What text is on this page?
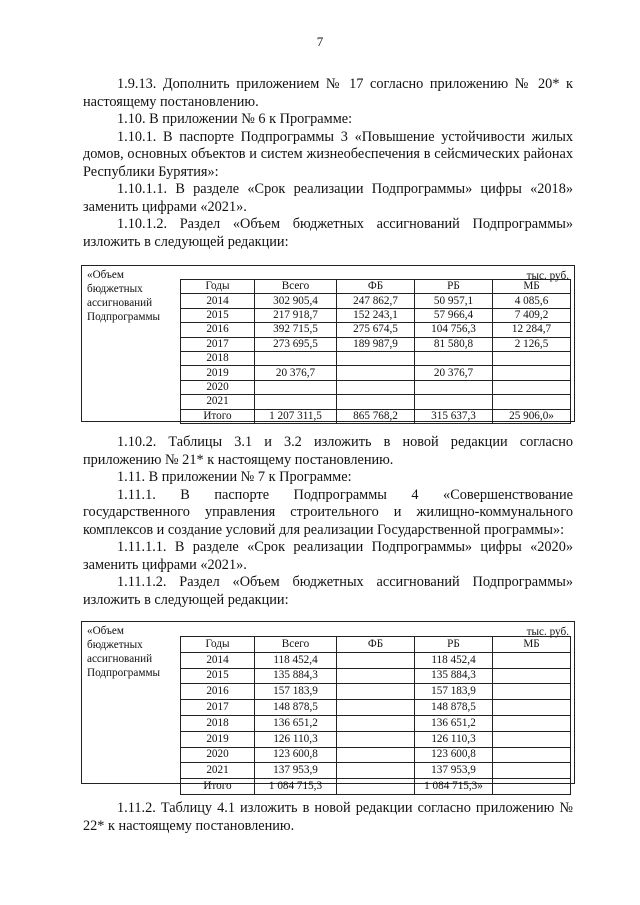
7

1.9.13. Дополнить приложением № 17 согласно приложению № 20* к настоящему постановлению.

1.10. В приложении № 6 к Программе:

1.10.1. В паспорте Подпрограммы 3 «Повышение устойчивости жилых домов, основных объектов и систем жизнеобеспечения в сейсмических районах Республики Бурятия»:

1.10.1.1. В разделе «Срок реализации Подпрограммы» цифры «2018» заменить цифрами «2021».

1.10.1.2. Раздел «Объем бюджетных ассигнований Подпрограммы» изложить в следующей редакции:

«Объем бюджетных ассигнований Подпрограммы
тыс. руб.
Годы	Всего	ФБ	РБ	МБ
2014	302 905,4	247 862,7	50 957,1	4 085,6
2015	217 918,7	152 243,1	57 966,4	7 409,2
2016	392 715,5	275 674,5	104 756,3	12 284,7
2017	273 695,5	189 987,9	81 580,8	2 126,5
2018				
2019	20 376,7		20 376,7	
2020				
2021				
Итого	1 207 311,5	865 768,2	315 637,3	25 906,0»

1.10.2. Таблицы 3.1 и 3.2 изложить в новой редакции согласно приложению № 21* к настоящему постановлению.

1.11. В приложении № 7 к Программе:

1.11.1. В паспорте Подпрограммы 4 «Совершенствование государственного управления строительного и жилищно-коммунального комплексов и создание условий для реализации Государственной программы»:

1.11.1.1. В разделе «Срок реализации Подпрограммы» цифры «2020» заменить цифрами «2021».

1.11.1.2. Раздел «Объем бюджетных ассигнований Подпрограммы» изложить в следующей редакции:

«Объем бюджетных ассигнований Подпрограммы
тыс. руб.
Годы	Всего	ФБ	РБ	МБ
2014	118 452,4		118 452,4	
2015	135 884,3		135 884,3	
2016	157 183,9		157 183,9	
2017	148 878,5		148 878,5	
2018	136 651,2		136 651,2	
2019	126 110,3		126 110,3	
2020	123 600,8		123 600,8	
2021	137 953,9		137 953,9	
Итого	1 084 715,3		1 084 715,3»	

1.11.2. Таблицу 4.1 изложить в новой редакции согласно приложению № 22* к настоящему постановлению.
